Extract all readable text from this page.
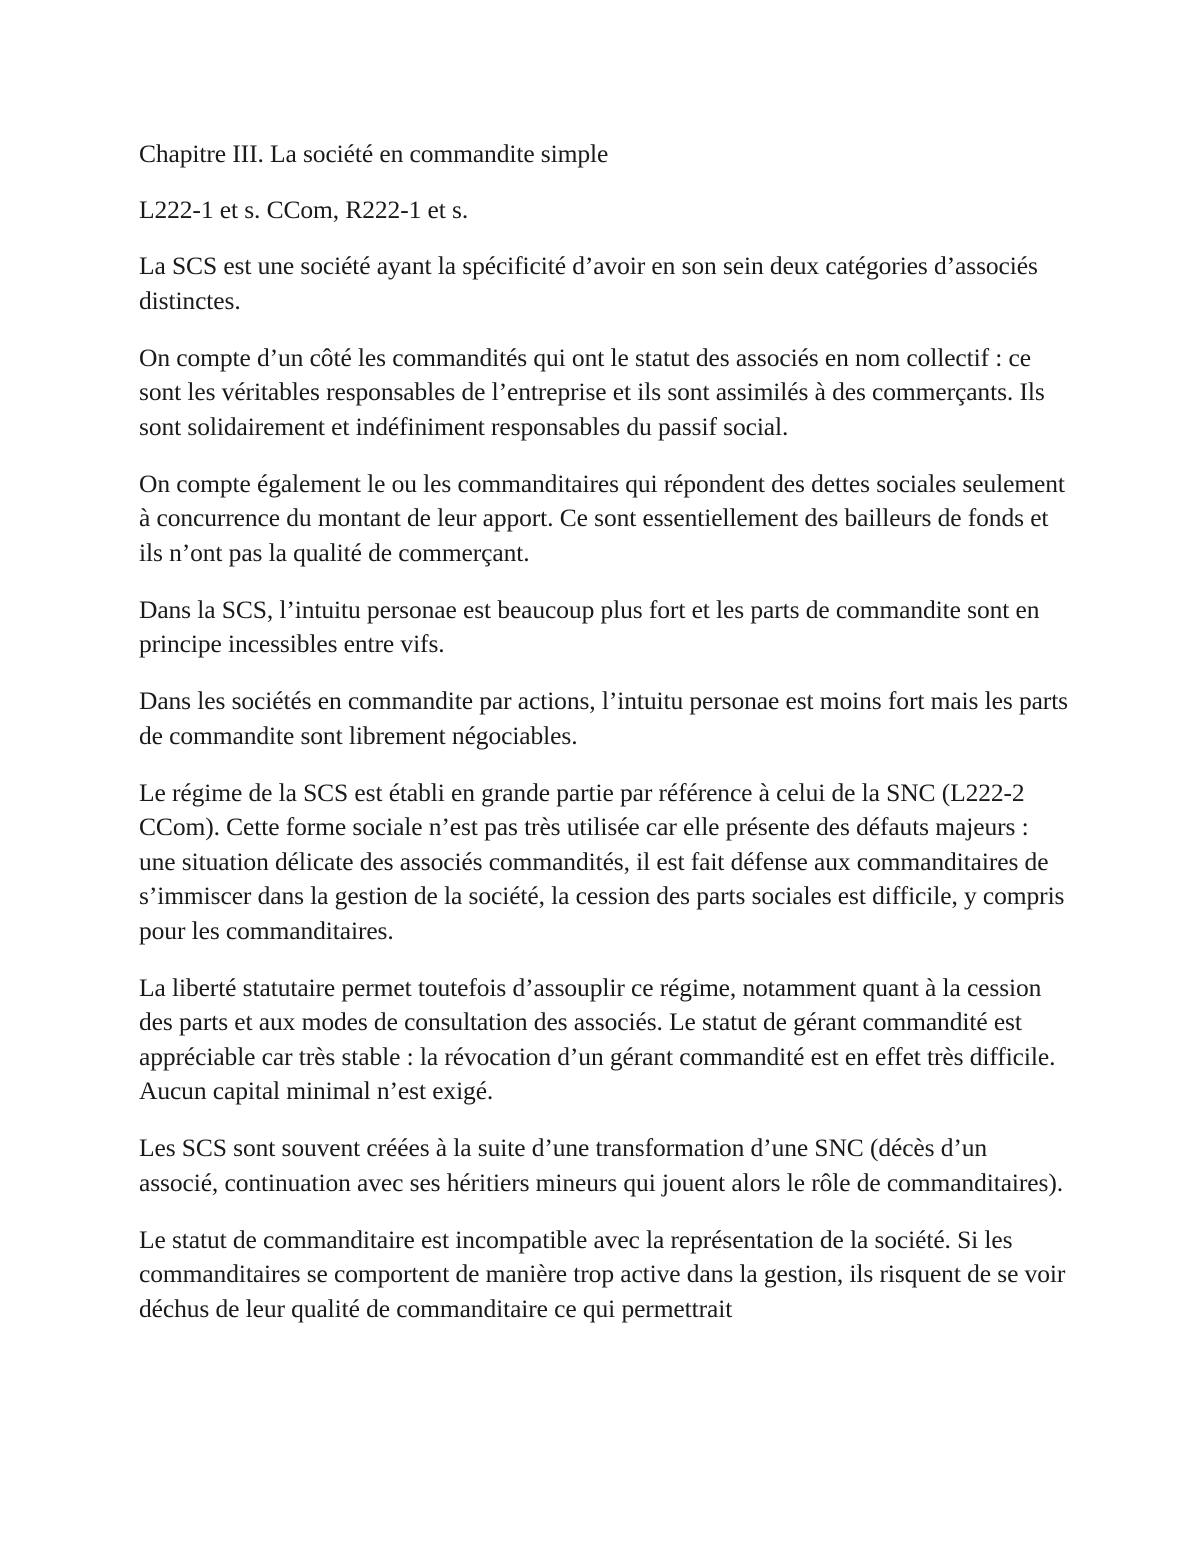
Chapitre III. La société en commandite simple

L222-1 et s. CCom, R222-1 et s.

La SCS est une société ayant la spécificité d’avoir en son sein deux catégories d’associés distinctes.

On compte d’un côté les commandités qui ont le statut des associés en nom collectif : ce sont les véritables responsables de l’entreprise et ils sont assimilés à des commerçants. Ils sont solidairement et indéfiniment responsables du passif social.

On compte également le ou les commanditaires qui répondent des dettes sociales seulement à concurrence du montant de leur apport. Ce sont essentiellement des bailleurs de fonds et ils n’ont pas la qualité de commerçant.

Dans la SCS, l’intuitu personae est beaucoup plus fort et les parts de commandite sont en principe incessibles entre vifs.

Dans les sociétés en commandite par actions, l’intuitu personae est moins fort mais les parts de commandite sont librement négociables.

Le régime de la SCS est établi en grande partie par référence à celui de la SNC (L222-2 CCom). Cette forme sociale n’est pas très utilisée car elle présente des défauts majeurs : une situation délicate des associés commandités, il est fait défense aux commanditaires de s’immiscer dans la gestion de la société, la cession des parts sociales est difficile, y compris pour les commanditaires.

La liberté statutaire permet toutefois d’assouplir ce régime, notamment quant à la cession des parts et aux modes de consultation des associés. Le statut de gérant commandité est appréciable car très stable : la révocation d’un gérant commandité est en effet très difficile. Aucun capital minimal n’est exigé.

Les SCS sont souvent créées à la suite d’une transformation d’une SNC (décès d’un associé, continuation avec ses héritiers mineurs qui jouent alors le rôle de commanditaires).

Le statut de commanditaire est incompatible avec la représentation de la société. Si les commanditaires se comportent de manière trop active dans la gestion, ils risquent de se voir déchus de leur qualité de commanditaire ce qui permettrait
